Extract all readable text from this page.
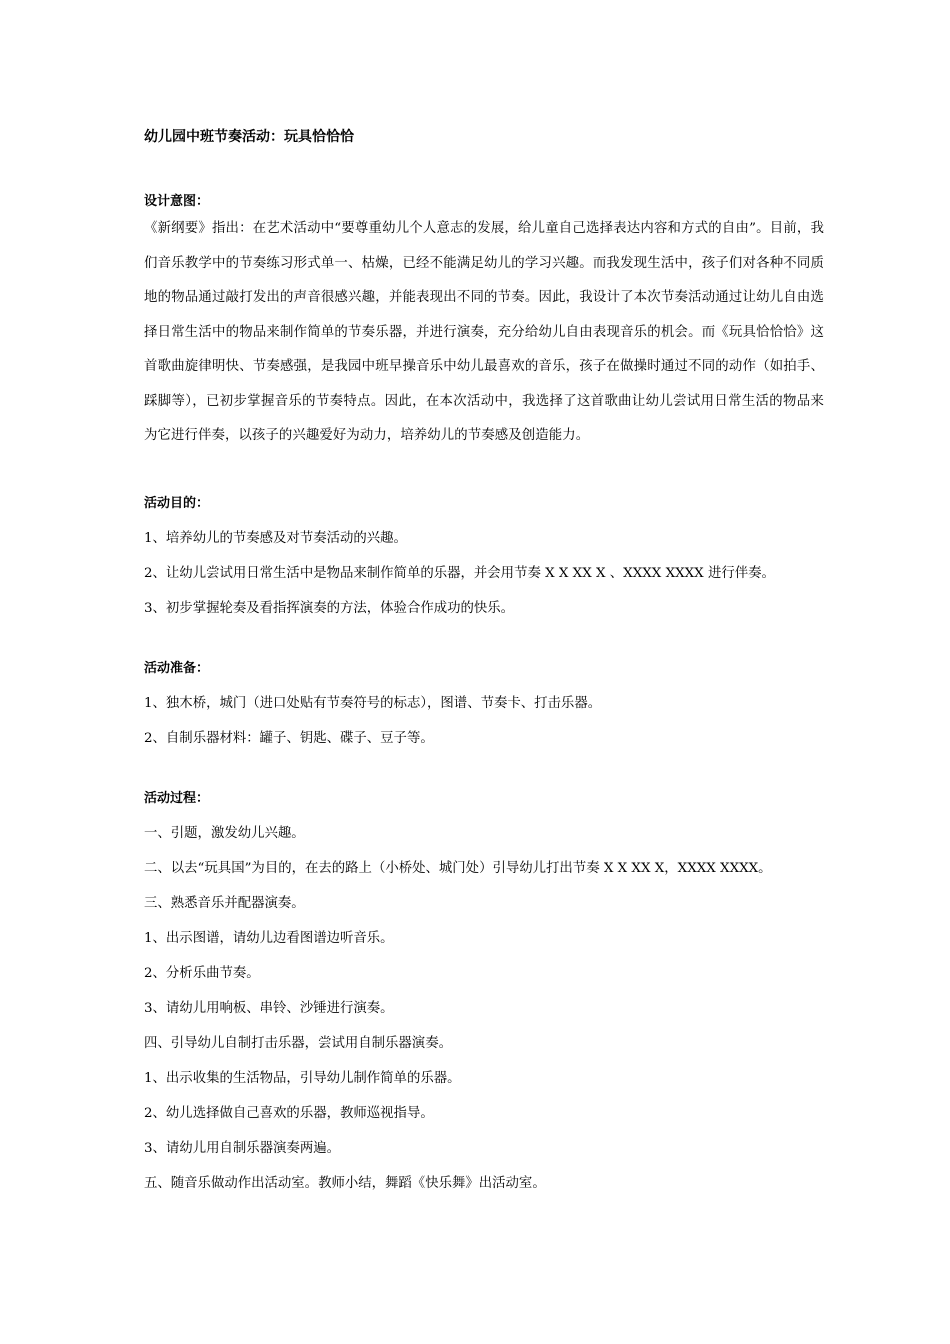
幼儿园中班节奏活动：玩具恰恰恰

设计意图：

《新纲要》指出：在艺术活动中“要尊重幼儿个人意志的发展，给儿童自己选择表达内容和方式的自由”。目前，我们音乐教学中的节奏练习形式单一、枯燥，已经不能满足幼儿的学习兴趣。而我发现生活中，孩子们对各种不同质地的物品通过敲打发出的声音很感兴趣，并能表现出不同的节奏。因此，我设计了本次节奏活动通过让幼儿自由选择日常生活中的物品来制作简单的节奏乐器，并进行演奏，充分给幼儿自由表现音乐的机会。而《玩具恰恰恰》这首歌曲旋律明快、节奏感强，是我园中班早操音乐中幼儿最喜欢的音乐，孩子在做操时通过不同的动作（如拍手、踩脚等），已初步掌握音乐的节奏特点。因此，在本次活动中，我选择了这首歌曲让幼儿尝试用日常生活的物品来为它进行伴奏，以孩子的兴趣爱好为动力，培养幼儿的节奏感及创造能力。

活动目的：

1、培养幼儿的节奏感及对节奏活动的兴趣。

2、让幼儿尝试用日常生活中是物品来制作简单的乐器，并会用节奏 X X XX X 、XXXX XXXX 进行伴奏。

3、初步掌握轮奏及看指挥演奏的方法，体验合作成功的快乐。

活动准备：

1、独木桥，城门（进口处贴有节奏符号的标志），图谱、节奏卡、打击乐器。

2、自制乐器材料：罐子、钥匙、碟子、豆子等。

活动过程：

一、引题，激发幼儿兴趣。

二、以去“玩具国”为目的，在去的路上（小桥处、城门处）引导幼儿打出节奏 X X XX X，XXXX XXXX。

三、熟悉音乐并配器演奏。

1、出示图谱，请幼儿边看图谱边听音乐。

2、分析乐曲节奏。

3、请幼儿用响板、串铃、沙锤进行演奏。

四、引导幼儿自制打击乐器，尝试用自制乐器演奏。

1、出示收集的生活物品，引导幼儿制作简单的乐器。

2、幼儿选择做自己喜欢的乐器，教师巡视指导。

3、请幼儿用自制乐器演奏两遍。

五、随音乐做动作出活动室。教师小结，舞蹈《快乐舞》出活动室。
